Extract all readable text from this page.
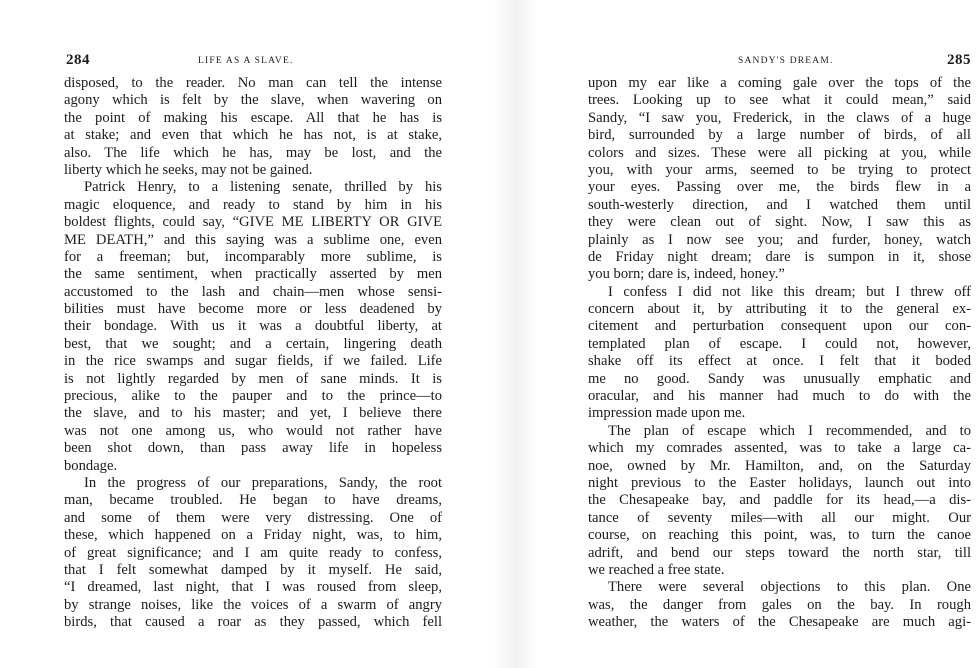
284	LIFE AS A SLAVE.
disposed, to the reader. No man can tell the intense
agony which is felt by the slave, when wavering on
the point of making his escape. All that he has is
at stake; and even that which he has not, is at stake,
also. The life which he has, may be lost, and the
liberty which he seeks, may not be gained.
Patrick Henry, to a listening senate, thrilled by his
magic eloquence, and ready to stand by him in his
boldest flights, could say, “GIVE ME LIBERTY OR GIVE
ME DEATH,” and this saying was a sublime one, even
for a freeman; but, incomparably more sublime, is
the same sentiment, when practically asserted by men
accustomed to the lash and chain—men whose sensi-
bilities must have become more or less deadened by
their bondage. With us it was a doubtful liberty, at
best, that we sought; and a certain, lingering death
in the rice swamps and sugar fields, if we failed. Life
is not lightly regarded by men of sane minds. It is
precious, alike to the pauper and to the prince—to
the slave, and to his master; and yet, I believe there
was not one among us, who would not rather have
been shot down, than pass away life in hopeless
bondage.
In the progress of our preparations, Sandy, the root
man, became troubled. He began to have dreams,
and some of them were very distressing. One of
these, which happened on a Friday night, was, to him,
of great significance; and I am quite ready to confess,
that I felt somewhat damped by it myself. He said,
“I dreamed, last night, that I was roused from sleep,
by strange noises, like the voices of a swarm of angry
birds, that caused a roar as they passed, which fell
SANDY'S DREAM.	285
upon my ear like a coming gale over the tops of the
trees. Looking up to see what it could mean,” said
Sandy, “I saw you, Frederick, in the claws of a huge
bird, surrounded by a large number of birds, of all
colors and sizes. These were all picking at you, while
you, with your arms, seemed to be trying to protect
your eyes. Passing over me, the birds flew in a
south-westerly direction, and I watched them until
they were clean out of sight. Now, I saw this as
plainly as I now see you; and furder, honey, watch
de Friday night dream; dare is sumpon in it, shose
you born; dare is, indeed, honey.”
I confess I did not like this dream; but I threw off
concern about it, by attributing it to the general ex-
citement and perturbation consequent upon our con-
templated plan of escape. I could not, however,
shake off its effect at once. I felt that it boded
me no good. Sandy was unusually emphatic and
oracular, and his manner had much to do with the
impression made upon me.
The plan of escape which I recommended, and to
which my comrades assented, was to take a large ca-
noe, owned by Mr. Hamilton, and, on the Saturday
night previous to the Easter holidays, launch out into
the Chesapeake bay, and paddle for its head,—a dis-
tance of seventy miles—with all our might. Our
course, on reaching this point, was, to turn the canoe
adrift, and bend our steps toward the north star, till
we reached a free state.
There were several objections to this plan. One
was, the danger from gales on the bay. In rough
weather, the waters of the Chesapeake are much agi-
